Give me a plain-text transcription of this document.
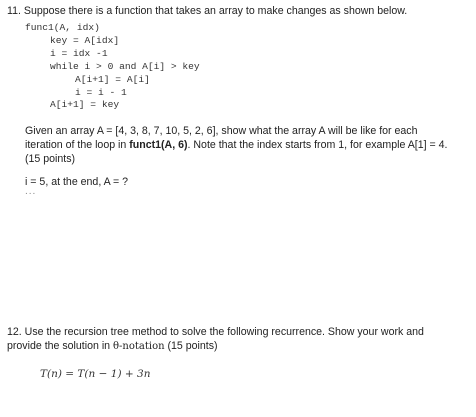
11. Suppose there is a function that takes an array to make changes as shown below.
func1(A, idx)
key = A[idx]
i = idx -1
while i > 0 and A[i] > key
A[i+1] = A[i]
i = i - 1
A[i+1] = key
Given an array A = [4, 3, 8, 7, 10, 5, 2, 6], show what the array A will be like for each
iteration of the loop in funct1(A, 6). Note that the index starts from 1, for example A[1] = 4.
(15 points)
i = 5, at the end, A = ?
...
12. Use the recursion tree method to solve the following recurrence. Show your work and
provide the solution in θ-notation (15 points)
T(n) = T(n − 1) + 3n
